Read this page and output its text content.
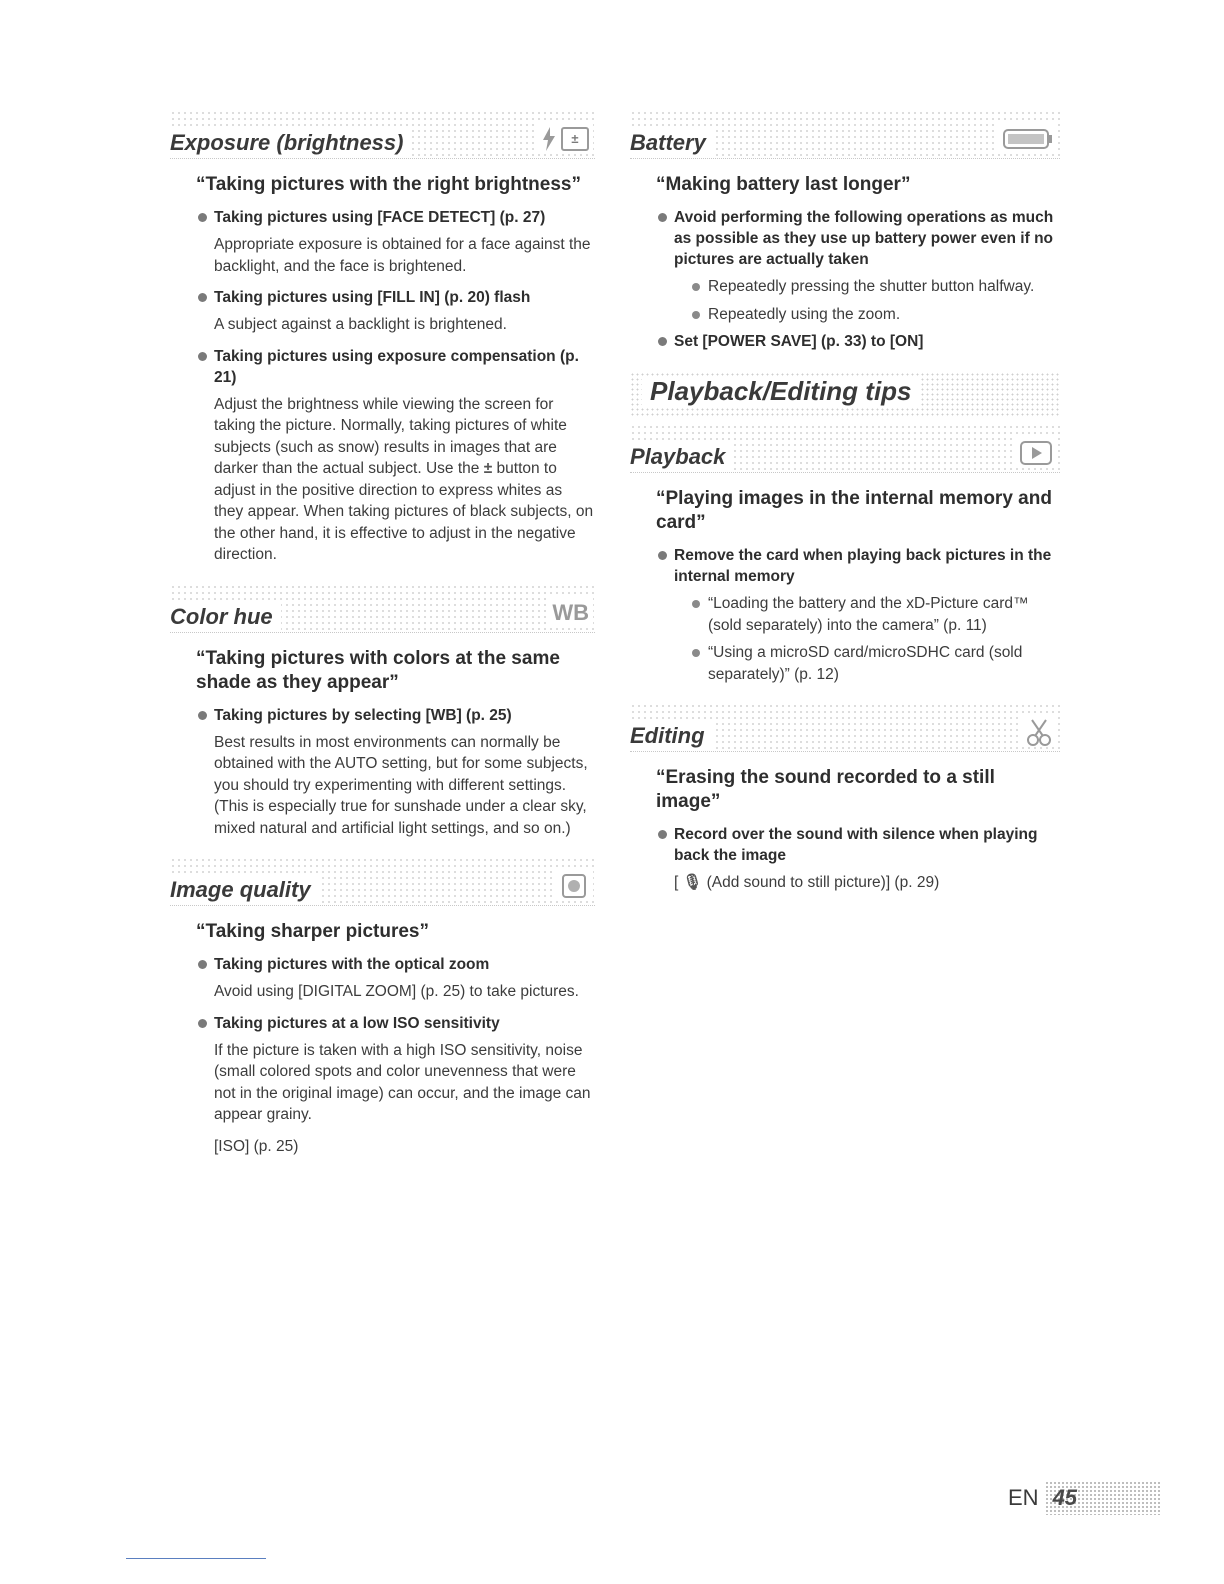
Exposure (brightness)	±
“Taking pictures with the right brightness”
Taking pictures using [FACE DETECT] (p. 27)
Appropriate exposure is obtained for a face against the backlight, and the face is brightened.
Taking pictures using [FILL IN] (p. 20) flash
A subject against a backlight is brightened.
Taking pictures using exposure compensation (p. 21)
Adjust the brightness while viewing the screen for taking the picture. Normally, taking pictures of white subjects (such as snow) results in images that are darker than the actual subject. Use the ± button to adjust in the positive direction to express whites as they appear. When taking pictures of black subjects, on the other hand, it is effective to adjust in the negative direction.
Color hue	WB
“Taking pictures with colors at the same shade as they appear”
Taking pictures by selecting [WB] (p. 25)
Best results in most environments can normally be obtained with the AUTO setting, but for some subjects, you should try experimenting with different settings. (This is especially true for sunshade under a clear sky, mixed natural and artificial light settings, and so on.)
Image quality
“Taking sharper pictures”
Taking pictures with the optical zoom
Avoid using [DIGITAL ZOOM] (p. 25) to take pictures.
Taking pictures at a low ISO sensitivity
If the picture is taken with a high ISO sensitivity, noise (small colored spots and color unevenness that were not in the original image) can occur, and the image can appear grainy.
[ISO] (p. 25)
Battery
“Making battery last longer”
Avoid performing the following operations as much as possible as they use up battery power even if no pictures are actually taken
Repeatedly pressing the shutter button halfway.
Repeatedly using the zoom.
Set [POWER SAVE] (p. 33) to [ON]
Playback/Editing tips
Playback
“Playing images in the internal memory and card”
Remove the card when playing back pictures in the internal memory
“Loading the battery and the xD-Picture card™ (sold separately) into the camera” (p. 11)
“Using a microSD card/microSDHC card (sold separately)” (p. 12)
Editing
“Erasing the sound recorded to a still image”
Record over the sound with silence when playing back the image
[ 🎙 (Add sound to still picture)] (p. 29)
EN 45
